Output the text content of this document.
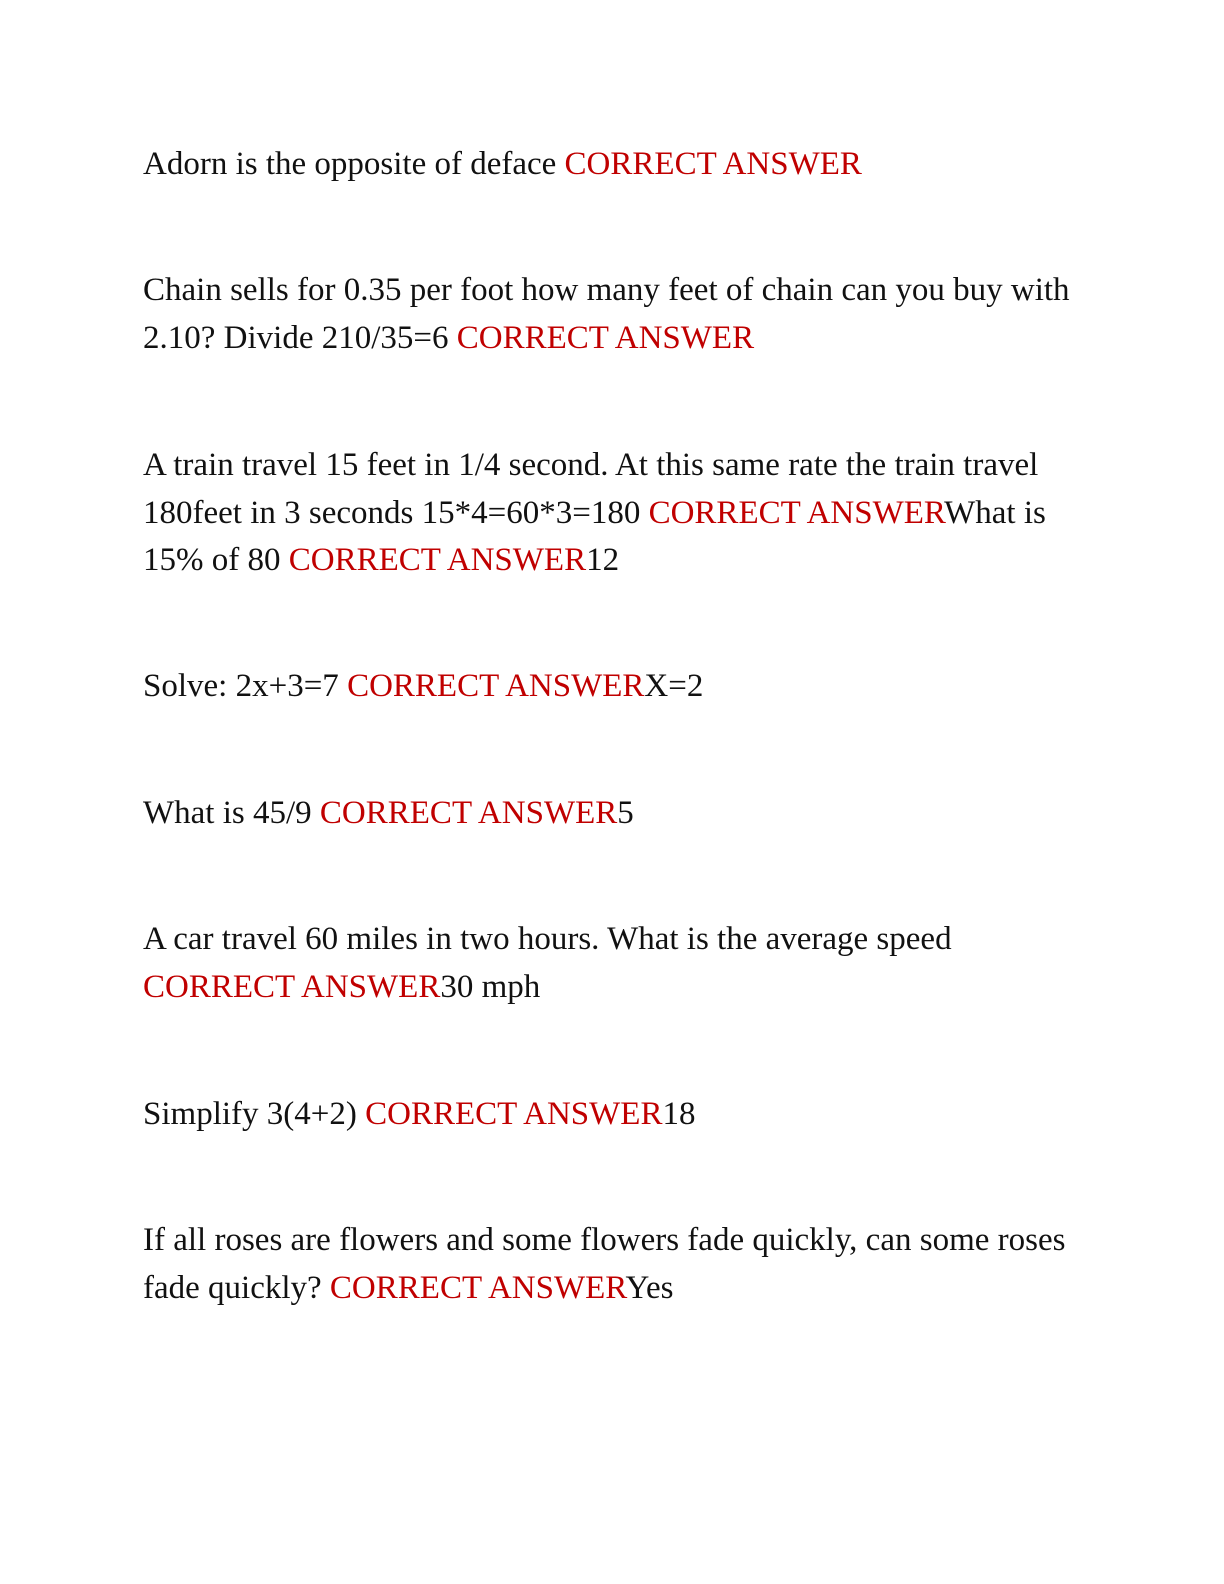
Adorn is the opposite of deface CORRECT ANSWER

Chain sells for 0.35 per foot how many feet of chain can you buy with 2.10? Divide 210/35=6 CORRECT ANSWER

A train travel 15 feet in 1/4 second. At this same rate the train travel 180feet in 3 seconds 15*4=60*3=180 CORRECT ANSWERWhat is 15% of 80 CORRECT ANSWER12

Solve: 2x+3=7 CORRECT ANSWERX=2

What is 45/9 CORRECT ANSWER5

A car travel 60 miles in two hours. What is the average speed
CORRECT ANSWER30 mph

Simplify 3(4+2) CORRECT ANSWER18

If all roses are flowers and some flowers fade quickly, can some roses fade quickly? CORRECT ANSWERYes
